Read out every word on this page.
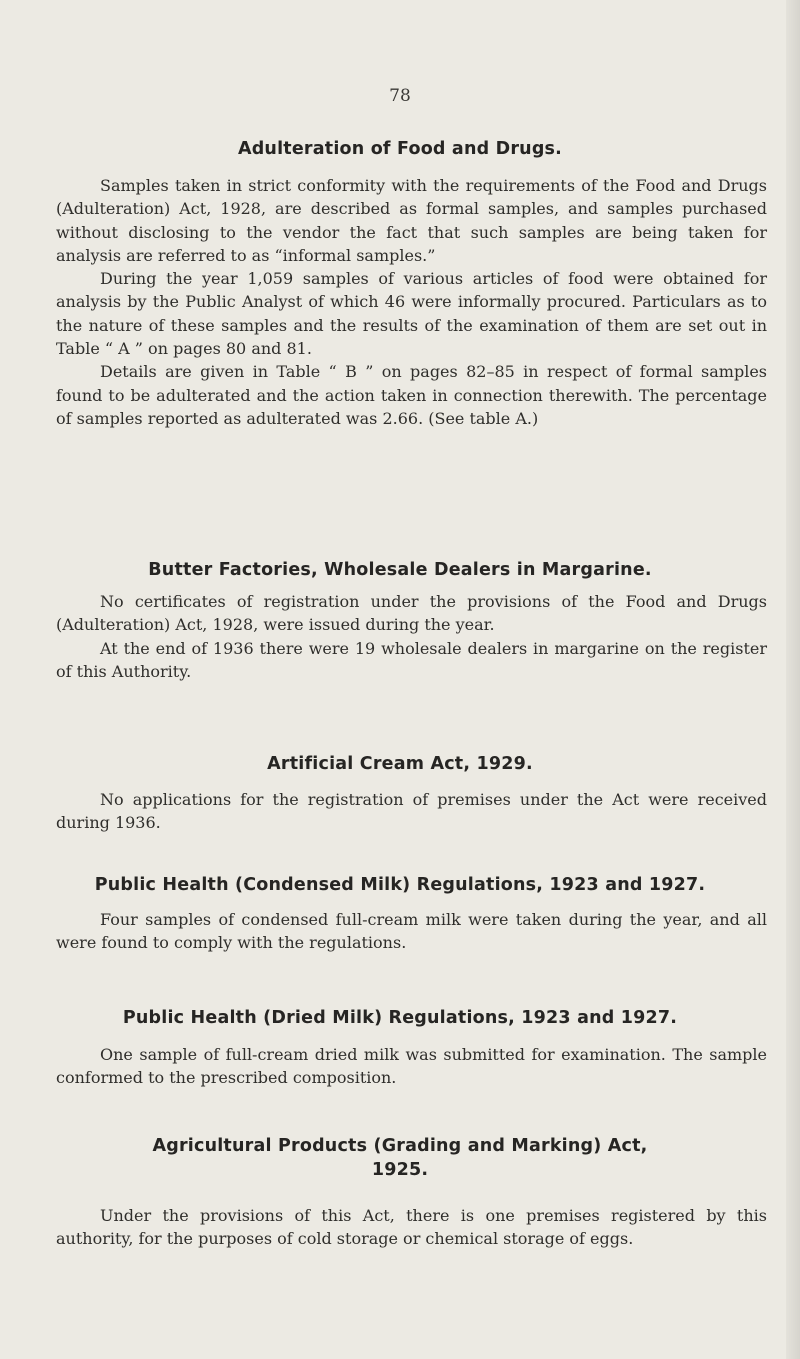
78
Adulteration of Food and Drugs.

Samples taken in strict conformity with the requirements of the Food and Drugs (Adulteration) Act, 1928, are described as formal samples, and samples purchased without disclosing to the vendor the fact that such samples are being taken for analysis are referred to as “informal samples.”

During the year 1,059 samples of various articles of food were obtained for analysis by the Public Analyst of which 46 were informally procured. Particulars as to the nature of these samples and the results of the examination of them are set out in Table “ A ” on pages 80 and 81.

Details are given in Table “ B ” on pages 82–85 in respect of formal samples found to be adulterated and the action taken in connection therewith. The percentage of samples reported as adulterated was 2.66. (See table A.)

Butter Factories, Wholesale Dealers in Margarine.

No certificates of registration under the provisions of the Food and Drugs (Adulteration) Act, 1928, were issued during the year.

At the end of 1936 there were 19 wholesale dealers in margarine on the register of this Authority.

Artificial Cream Act, 1929.

No applications for the registration of premises under the Act were received during 1936.

Public Health (Condensed Milk) Regulations, 1923 and 1927.

Four samples of condensed full-cream milk were taken during the year, and all were found to comply with the regulations.

Public Health (Dried Milk) Regulations, 1923 and 1927.

One sample of full-cream dried milk was submitted for examination. The sample conformed to the prescribed composition.

Agricultural Products (Grading and Marking) Act,
1925.

Under the provisions of this Act, there is one premises registered by this authority, for the purposes of cold storage or chemical storage of eggs.
